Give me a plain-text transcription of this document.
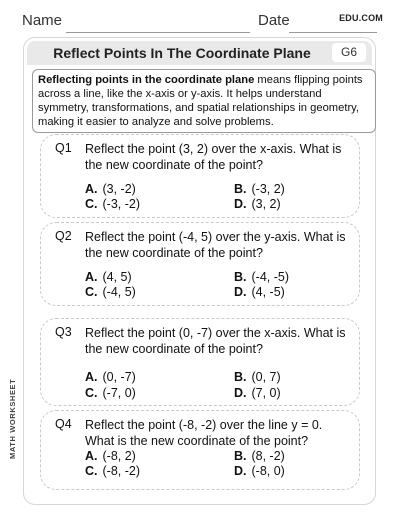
Name	Date	EDU.COM
Reflect Points In The Coordinate Plane	G6
Reflecting points in the coordinate plane means flipping points across a line, like the x-axis or y-axis. It helps understand symmetry, transformations, and spatial relationships in geometry, making it easier to analyze and solve problems.
Q1 Reflect the point (3, 2) over the x-axis. What is the new coordinate of the point?
A. (3, -2)	B. (-3, 2)
C. (-3, -2)	D. (3, 2)
Q2 Reflect the point (-4, 5) over the y-axis. What is the new coordinate of the point?
A. (4, 5)	B. (-4, -5)
C. (-4, 5)	D. (4, -5)
Q3 Reflect the point (0, -7) over the x-axis. What is the new coordinate of the point?
A. (0, -7)	B. (0, 7)
C. (-7, 0)	D. (7, 0)
Q4 Reflect the point (-8, -2) over the line y = 0. What is the new coordinate of the point?
A. (-8, 2)	B. (8, -2)
C. (-8, -2)	D. (-8, 0)
MATH WORKSHEET
